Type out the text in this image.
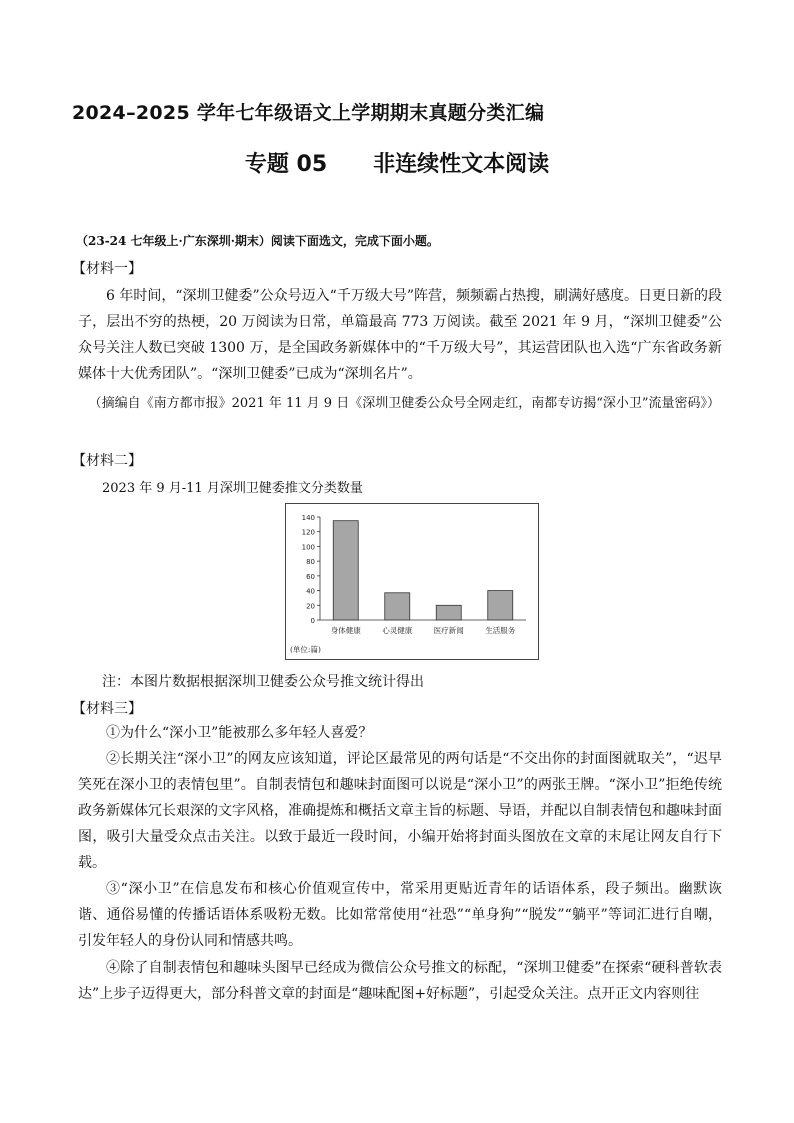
2024–2025 学年七年级语文上学期期末真题分类汇编
专题 05      非连续性文本阅读
（23-24 七年级上·广东深圳·期末）阅读下面选文，完成下面小题。
【材料一】

6 年时间，“深圳卫健委”公众号迈入“千万级大号”阵营，频频霸占热搜，刷满好感度。日更日新的段子，层出不穷的热梗，20 万阅读为日常，单篇最高 773 万阅读。截至 2021 年 9 月，“深圳卫健委”公众号关注人数已突破 1300 万，是全国政务新媒体中的“千万级大号”，其运营团队也入选“广东省政务新媒体十大优秀团队”。“深圳卫健委”已成为“深圳名片”。

（摘编自《南方都市报》2021 年 11 月 9 日《深圳卫健委公众号全网走红，南都专访揭“深小卫”流量密码》）

【材料二】
2023 年 9 月-11 月深圳卫健委推文分类数量
0
20
40
60
80
100
120
140
身体健康	心灵健康	医疗新闻	生活服务
(单位:篇)
注：本图片数据根据深圳卫健委公众号推文统计得出
【材料三】

①为什么“深小卫”能被那么多年轻人喜爱？

②长期关注“深小卫”的网友应该知道，评论区最常见的两句话是“不交出你的封面图就取关”，“迟早笑死在深小卫的表情包里”。自制表情包和趣味封面图可以说是“深小卫”的两张王牌。“深小卫”拒绝传统政务新媒体冗长艰深的文字风格，准确提炼和概括文章主旨的标题、导语，并配以自制表情包和趣味封面图，吸引大量受众点击关注。以致于最近一段时间，小编开始将封面头图放在文章的末尾让网友自行下载。

③“深小卫”在信息发布和核心价值观宣传中，常采用更贴近青年的话语体系，段子频出。幽默诙谐、通俗易懂的传播话语体系吸粉无数。比如常常使用“社恐”“单身狗”“脱发”“躺平”等词汇进行自嘲，引发年轻人的身份认同和情感共鸣。

④除了自制表情包和趣味头图早已经成为微信公众号推文的标配，“深圳卫健委”在探索“硬科普软表达”上步子迈得更大，部分科普文章的封面是“趣味配图+好标题”，引起受众关注。点开正文内容则往
